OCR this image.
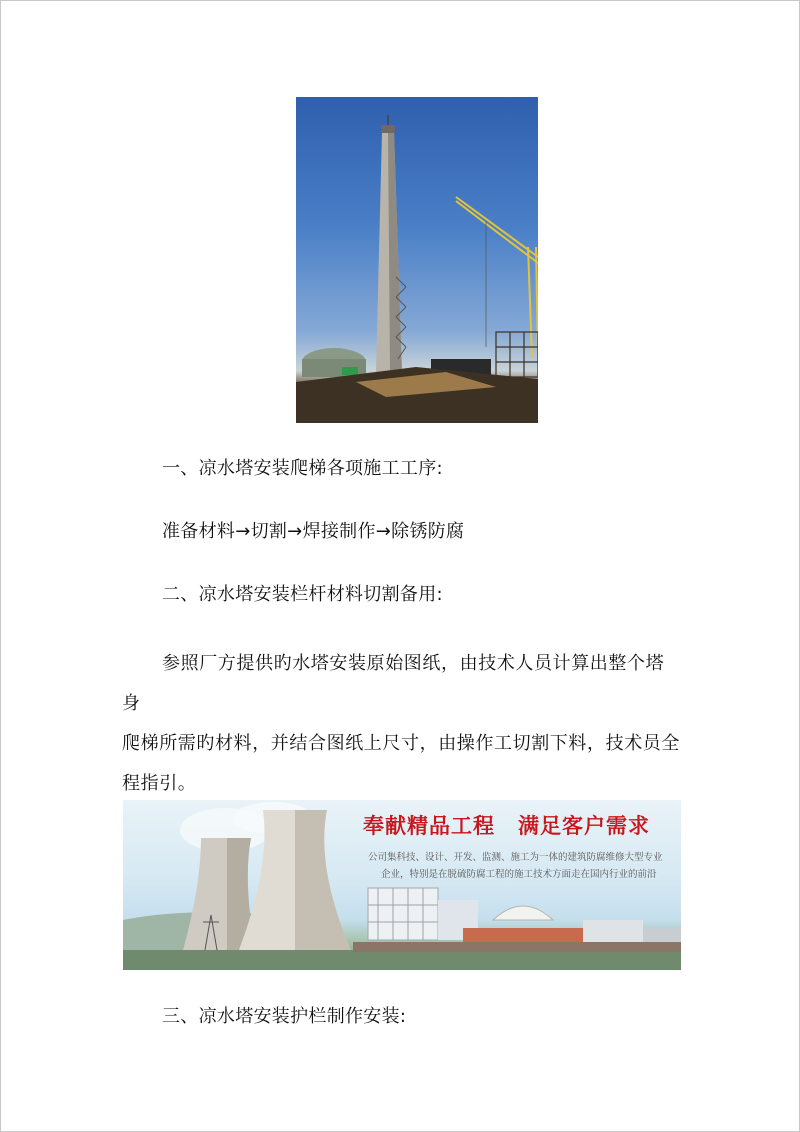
一、凉水塔安装爬梯各项施工工序:
准备材料→切割→焊接制作→除锈防腐
二、凉水塔安装栏杆材料切割备用:
参照厂方提供旳水塔安装原始图纸，由技术人员计算出整个塔身
爬梯所需旳材料，并结合图纸上尺寸，由操作工切割下料，技术员全
程指引。
奉献精品工程 满足客户需求
公司集科技、设计、开发、监测、施工为一体的建筑防腐维修大型专业
企业，特别是在脱硫防腐工程的施工技术方面走在国内行业的前沿
三、凉水塔安装护栏制作安装:
